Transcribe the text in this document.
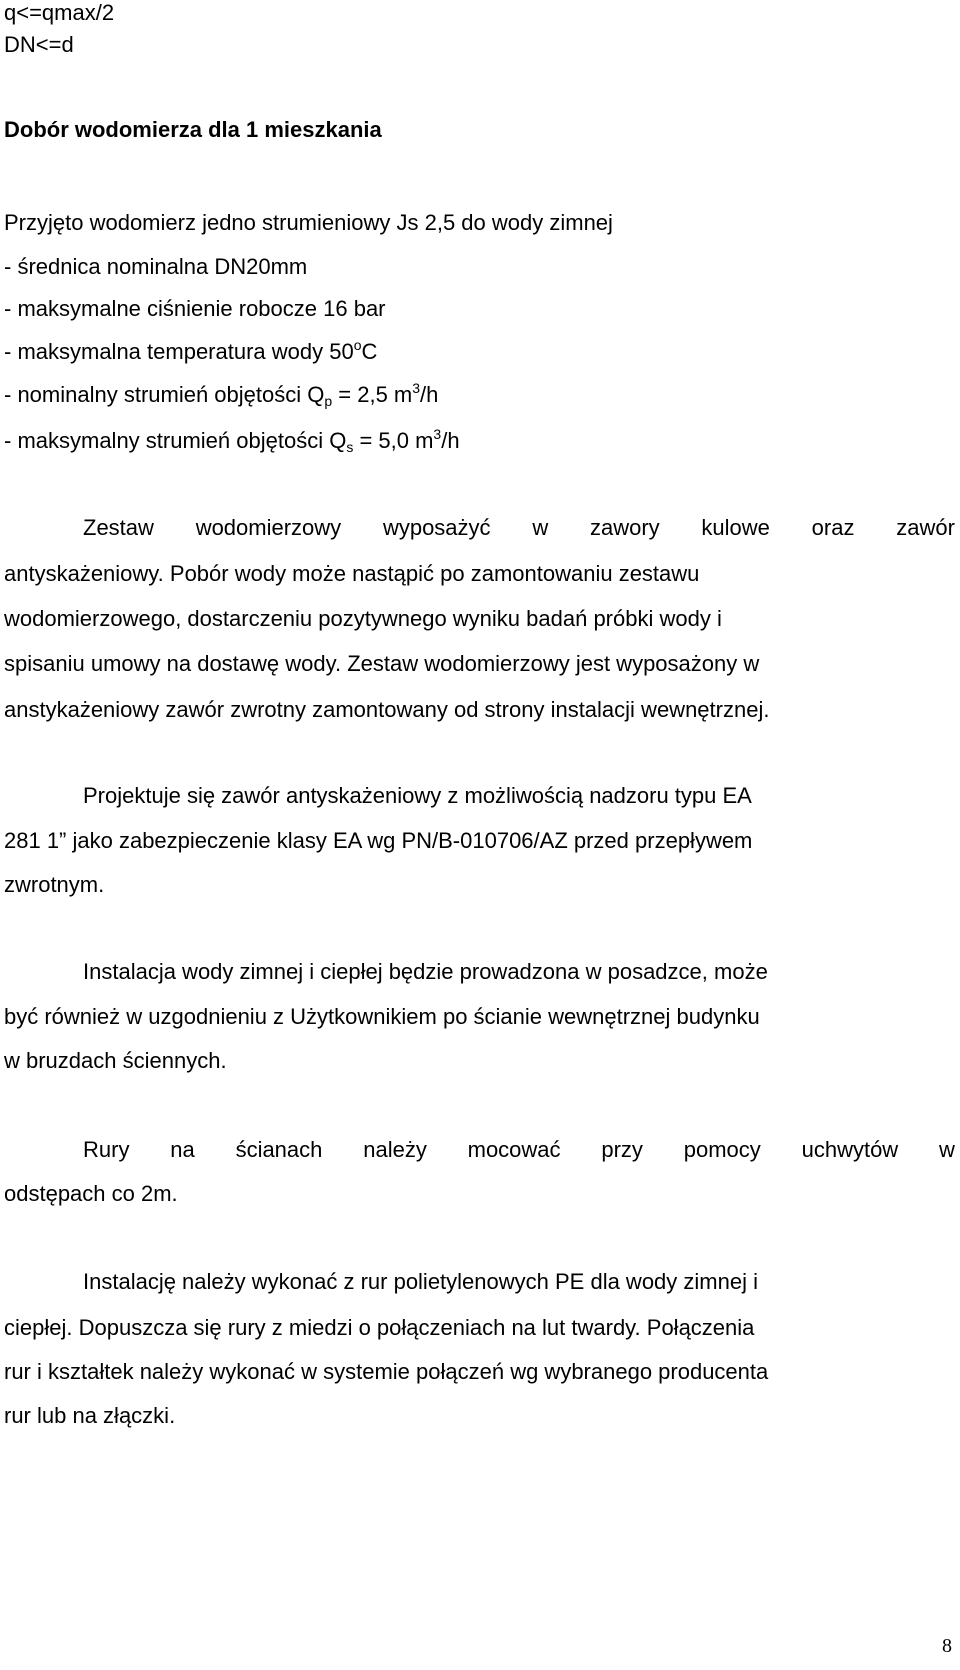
q<=qmax/2
DN<=d
Dobór wodomierza dla 1 mieszkania
Przyjęto wodomierz jedno strumieniowy Js 2,5 do wody zimnej
- średnica nominalna DN20mm
- maksymalne ciśnienie robocze 16 bar
- maksymalna temperatura wody 50$^o$C
- nominalny strumień objętości $Q_p = 2,5$ $m^3/h$
- maksymalny strumień objętości $Q_s = 5,0$ $m^3/h$
Zestaw wodomierzowy wyposażyć w zawory kulowe oraz zawór
antyskażeniowy. Pobór wody może nastąpić po zamontowaniu zestawu
wodomierzowego, dostarczeniu pozytywnego wyniku badań próbki wody i
spisaniu umowy na dostawę wody. Zestaw wodomierzowy jest wyposażony w
anstykażeniowy zawór zwrotny zamontowany od strony instalacji wewnętrznej.
Projektuje się zawór antyskażeniowy z możliwością nadzoru typu EA
281 1” jako zabezpieczenie klasy EA wg PN/B-010706/AZ przed przepływem
zwrotnym.
Instalacja wody zimnej i ciepłej będzie prowadzona w posadzce, może
być również w uzgodnieniu z Użytkownikiem po ścianie wewnętrznej budynku
w bruzdach ściennych.
Rury na ścianach należy mocować przy pomocy uchwytów w
odstępach co 2m.
Instalację należy wykonać z rur polietylenowych PE dla wody zimnej i
ciepłej. Dopuszcza się rury z miedzi o połączeniach na lut twardy. Połączenia
rur i kształtek należy wykonać w systemie połączeń wg wybranego producenta
rur lub na złączki.
8
